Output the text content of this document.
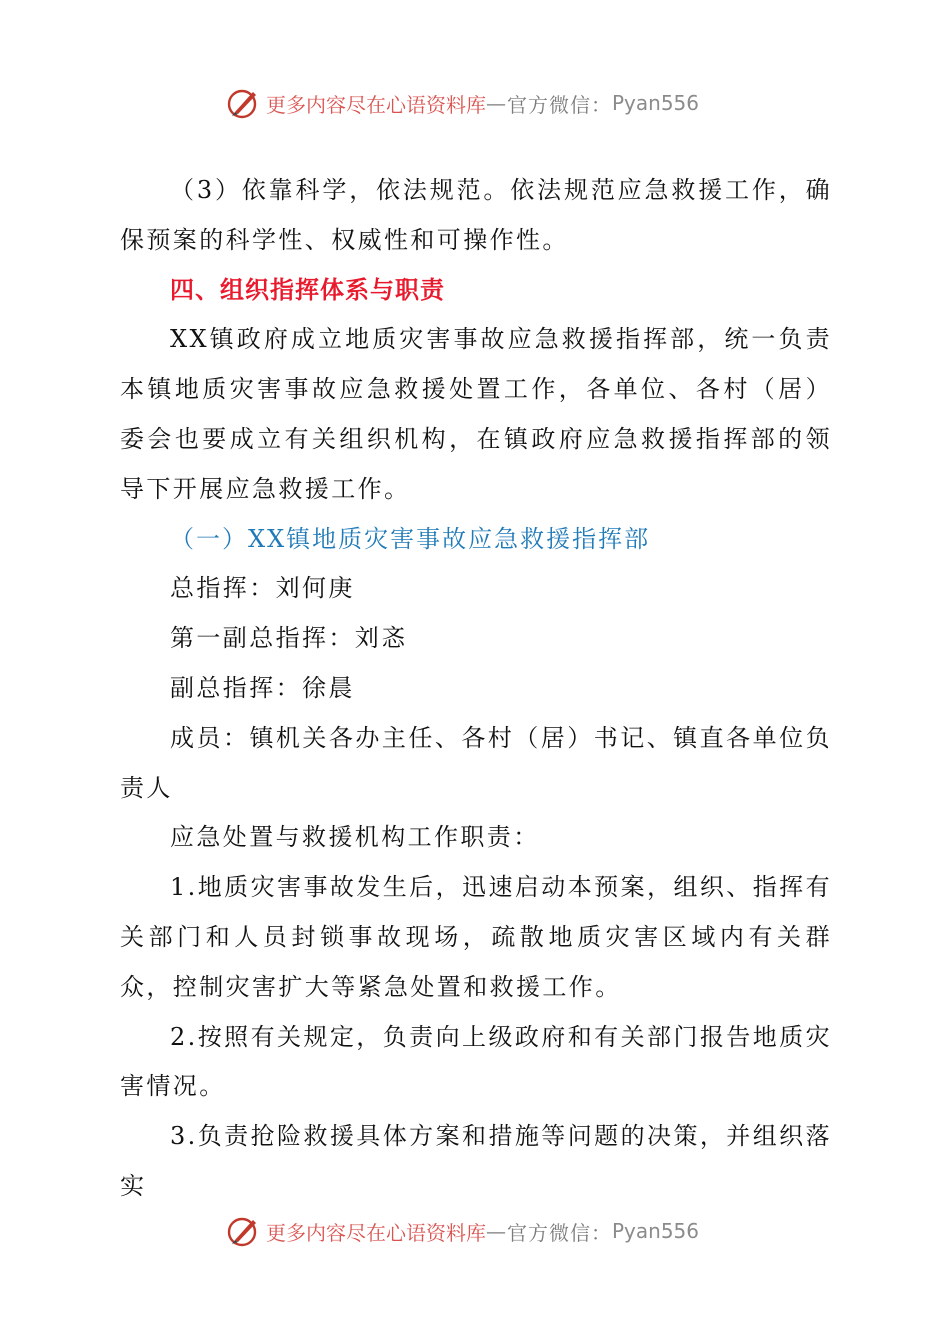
更多内容尽在心语资料库 — 官方微信： Pyan556

（3）依靠科学，依法规范。依法规范应急救援工作，确保预案的科学性、权威性和可操作性。

四、组织指挥体系与职责

XX镇政府成立地质灾害事故应急救援指挥部，统一负责本镇地质灾害事故应急救援处置工作，各单位、各村（居）委会也要成立有关组织机构，在镇政府应急救援指挥部的领导下开展应急救援工作。

（一）XX镇地质灾害事故应急救援指挥部

总指挥：刘何庚

第一副总指挥：刘忞

副总指挥：徐晨

成员：镇机关各办主任、各村（居）书记、镇直各单位负责人

应急处置与救援机构工作职责：

1.地质灾害事故发生后，迅速启动本预案，组织、指挥有关部门和人员封锁事故现场，疏散地质灾害区域内有关群众，控制灾害扩大等紧急处置和救援工作。

2.按照有关规定，负责向上级政府和有关部门报告地质灾害情况。

3.负责抢险救援具体方案和措施等问题的决策，并组织落实

更多内容尽在心语资料库 — 官方微信： Pyan556
